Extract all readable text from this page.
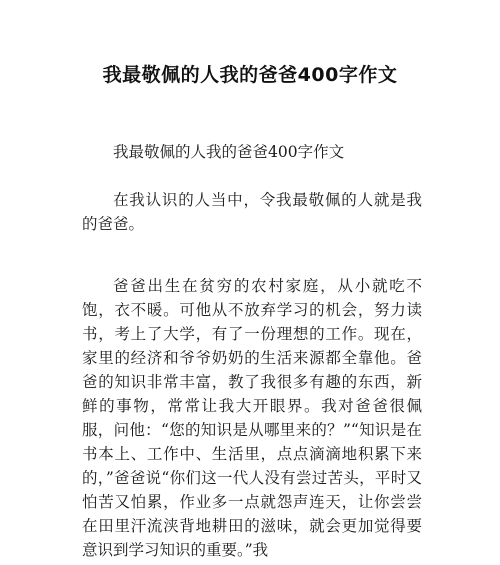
我最敬佩的人我的爸爸400字作文

我最敬佩的人我的爸爸400字作文

在我认识的人当中，令我最敬佩的人就是我的爸爸。

爸爸出生在贫穷的农村家庭，从小就吃不饱，衣不暖。可他从不放弃学习的机会，努力读书，考上了大学，有了一份理想的工作。现在，家里的经济和爷爷奶奶的生活来源都全靠他。爸爸的知识非常丰富，教了我很多有趣的东西，新鲜的事物，常常让我大开眼界。我对爸爸很佩服，问他：“您的知识是从哪里来的？”“知识是在书本上、工作中、生活里，点点滴滴地积累下来的，”爸爸说“你们这一代人没有尝过苦头，平时又怕苦又怕累，作业多一点就怨声连天，让你尝尝在田里汗流浃背地耕田的滋味，就会更加觉得要意识到学习知识的重要。”我
